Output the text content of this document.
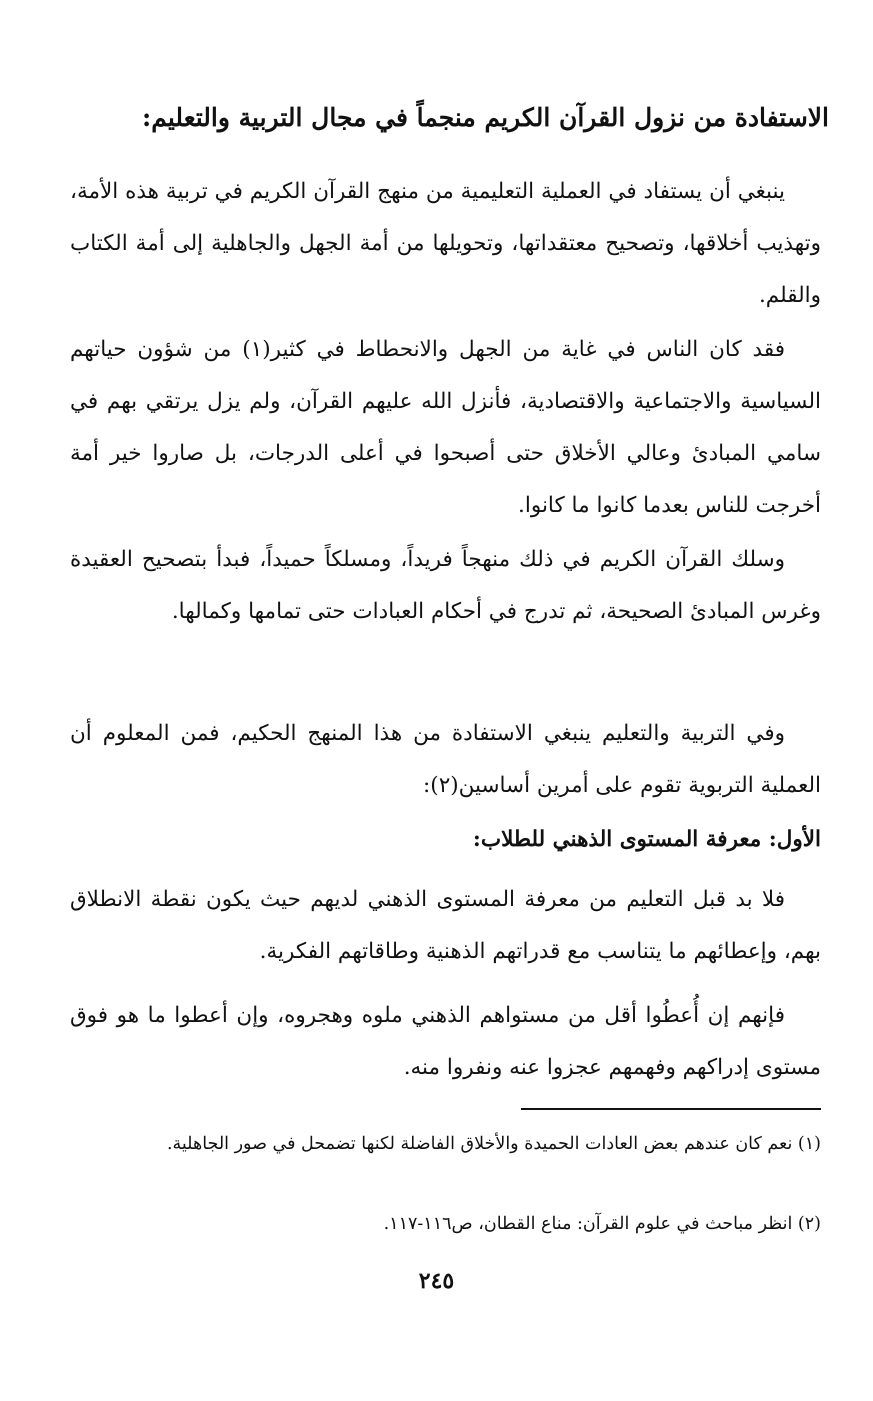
الاستفادة من نزول القرآن الكريم منجماً في مجال التربية والتعليم:

ينبغي أن يستفاد في العملية التعليمية من منهج القرآن الكريم في تربية هذه الأمة، وتهذيب أخلاقها، وتصحيح معتقداتها، وتحويلها من أمة الجهل والجاهلية إلى أمة الكتاب والقلم.

فقد كان الناس في غاية من الجهل والانحطاط في كثير(١) من شؤون حياتهم السياسية والاجتماعية والاقتصادية، فأنزل الله عليهم القرآن، ولم يزل يرتقي بهم في سامي المبادئ وعالي الأخلاق حتى أصبحوا في أعلى الدرجات، بل صاروا خير أمة أخرجت للناس بعدما كانوا ما كانوا.

وسلك القرآن الكريم في ذلك منهجاً فريداً، ومسلكاً حميداً، فبدأ بتصحيح العقيدة وغرس المبادئ الصحيحة، ثم تدرج في أحكام العبادات حتى تمامها وكمالها.

وفي التربية والتعليم ينبغي الاستفادة من هذا المنهج الحكيم، فمن المعلوم أن العملية التربوية تقوم على أمرين أساسين(٢):

الأول: معرفة المستوى الذهني للطلاب:

فلا بد قبل التعليم من معرفة المستوى الذهني لديهم حيث يكون نقطة الانطلاق بهم، وإعطائهم ما يتناسب مع قدراتهم الذهنية وطاقاتهم الفكرية.

فإنهم إن أُعطُوا أقل من مستواهم الذهني ملوه وهجروه، وإن أعطوا ما هو فوق مستوى إدراكهم وفهمهم عجزوا عنه ونفروا منه.

(١) نعم كان عندهم بعض العادات الحميدة والأخلاق الفاضلة لكنها تضمحل في صور الجاهلية.

(٢) انظر مباحث في علوم القرآن: مناع القطان، ص١١٦-١١٧.

٢٤٥
